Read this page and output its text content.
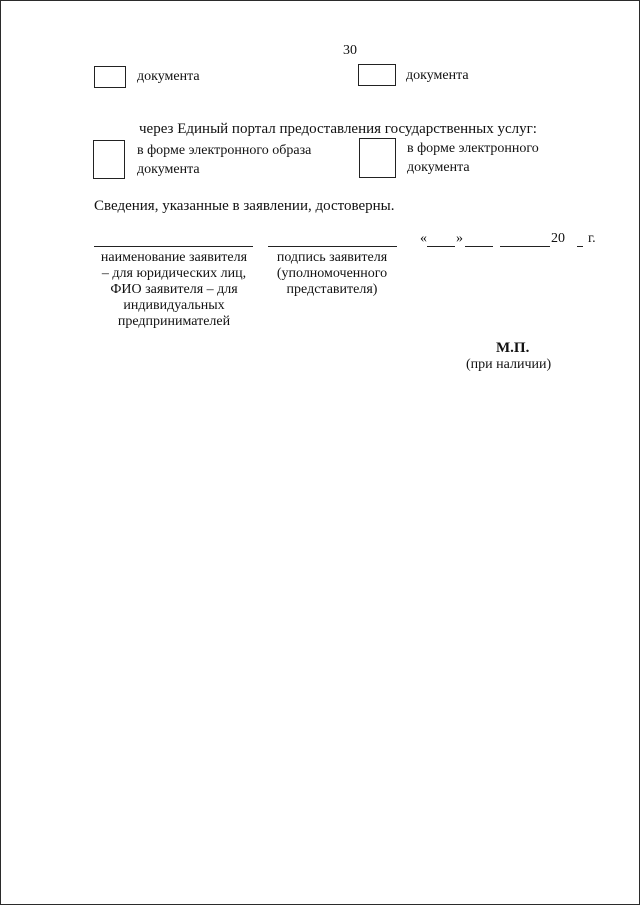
30
документа	документа
через Единый портал предоставления государственных услуг:
в форме электронного образа
документа
в форме электронного
документа
Сведения, указанные в заявлении, достоверны.
« »	20 г.
наименование заявителя
– для юридических лиц,
ФИО заявителя – для
индивидуальных
предпринимателей
подпись заявителя
(уполномоченного
представителя)
М.П.
(при наличии)
